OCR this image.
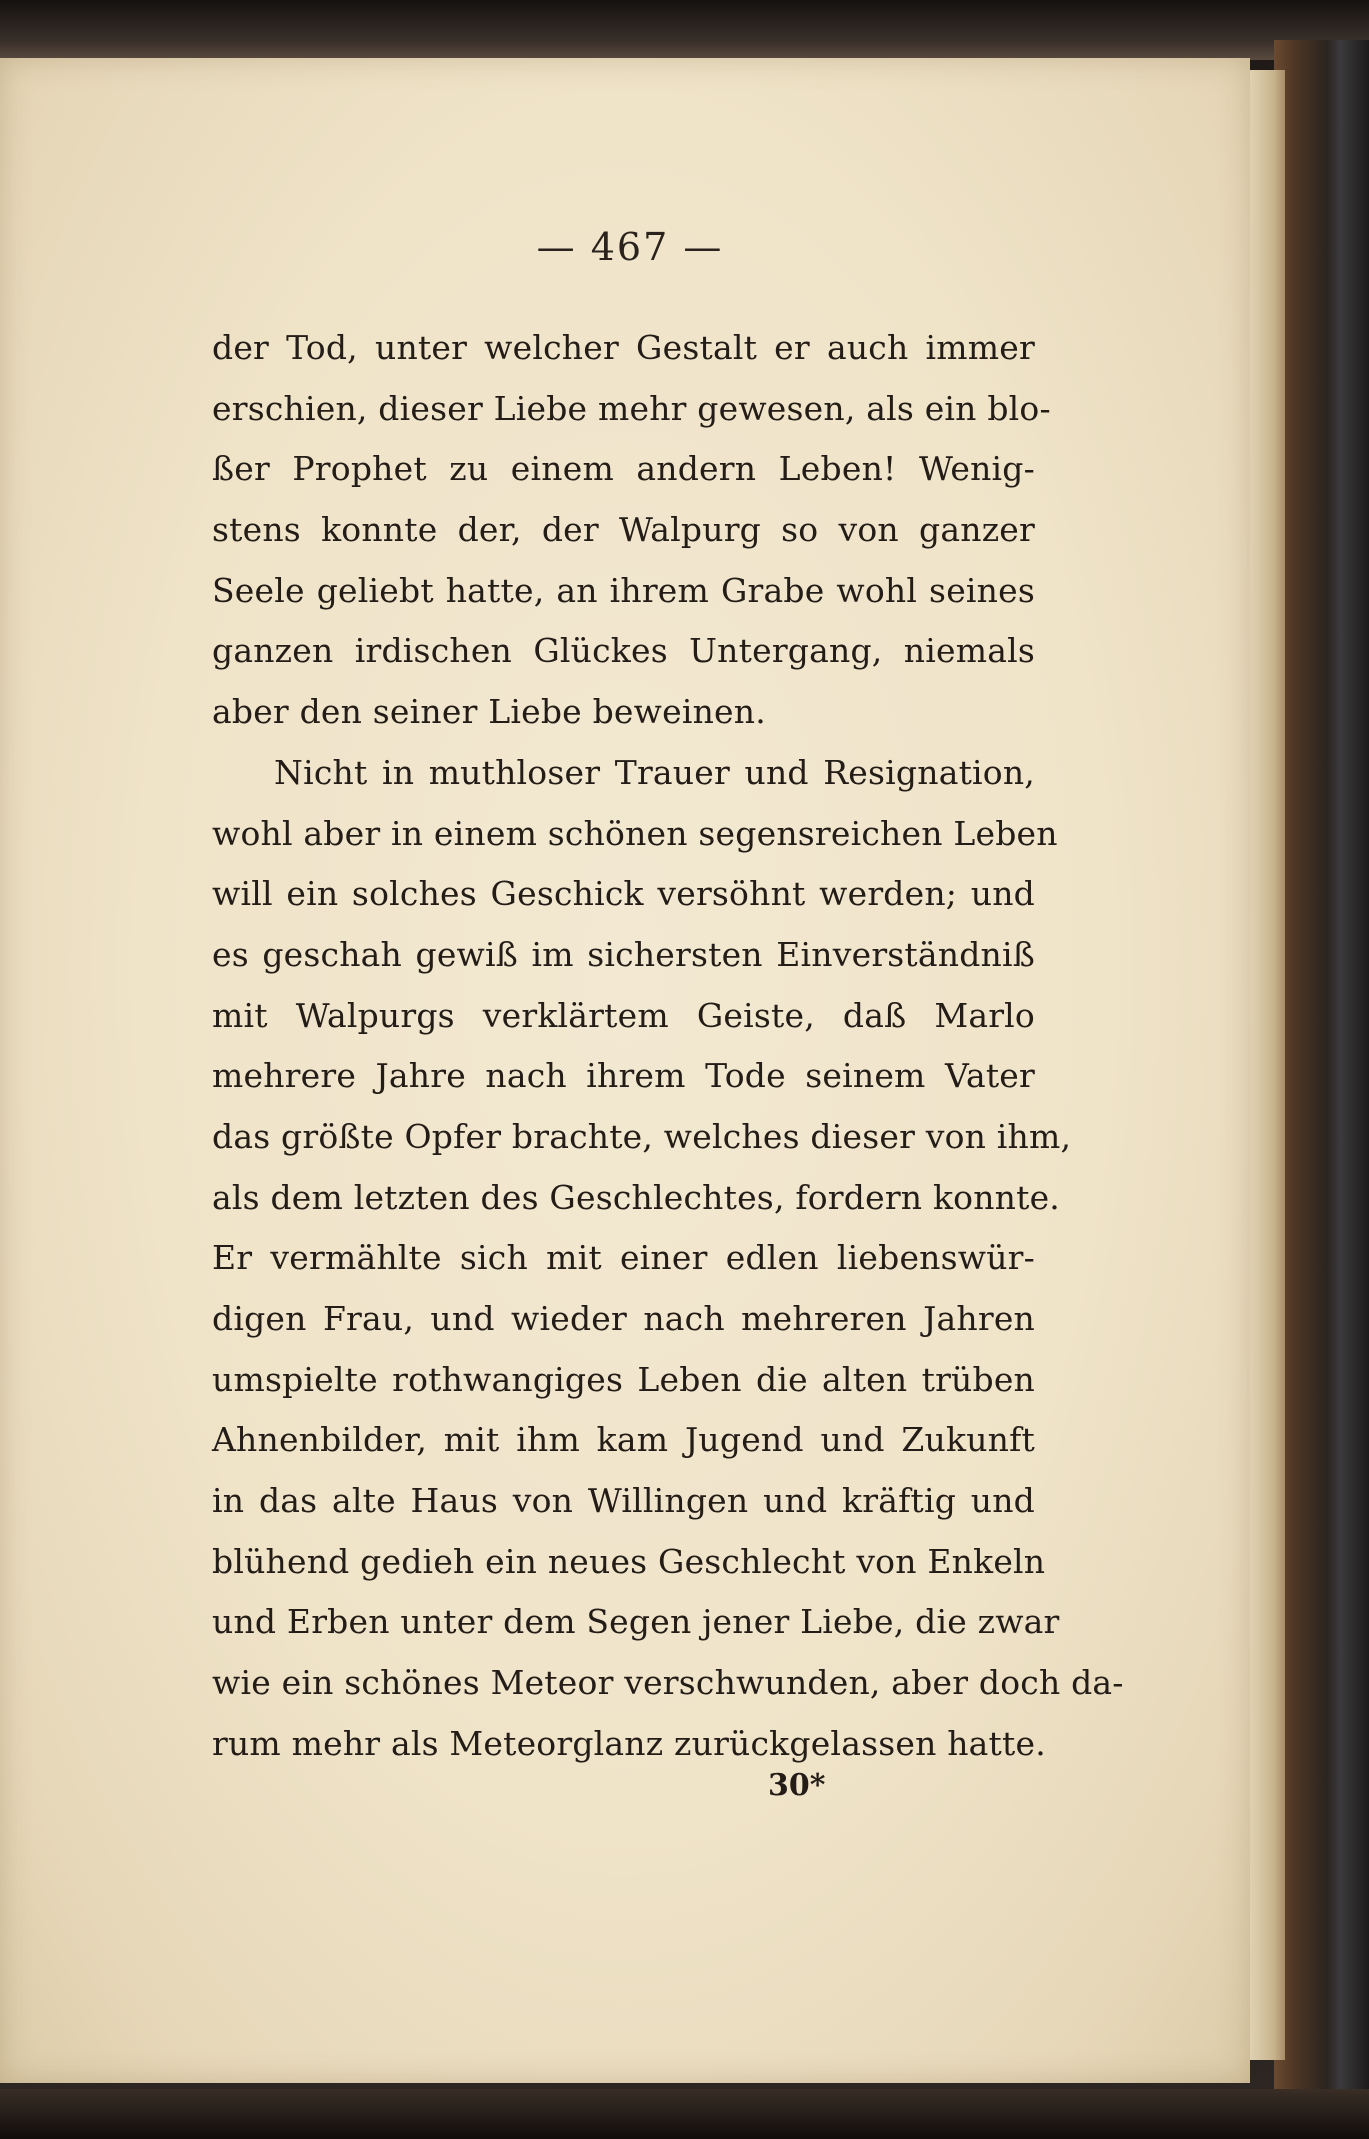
— 467 —
der Tod, unter welcher Gestalt er auch immer
erschien, dieser Liebe mehr gewesen, als ein blo-
ßer Prophet zu einem andern Leben! Wenig-
stens konnte der, der Walpurg so von ganzer
Seele geliebt hatte, an ihrem Grabe wohl seines
ganzen irdischen Glückes Untergang, niemals
aber den seiner Liebe beweinen.
Nicht in muthloser Trauer und Resignation,
wohl aber in einem schönen segensreichen Leben
will ein solches Geschick versöhnt werden; und
es geschah gewiß im sichersten Einverständniß
mit Walpurgs verklärtem Geiste, daß Marlo
mehrere Jahre nach ihrem Tode seinem Vater
das größte Opfer brachte, welches dieser von ihm,
als dem letzten des Geschlechtes, fordern konnte.
Er vermählte sich mit einer edlen liebenswür-
digen Frau, und wieder nach mehreren Jahren
umspielte rothwangiges Leben die alten trüben
Ahnenbilder, mit ihm kam Jugend und Zukunft
in das alte Haus von Willingen und kräftig und
blühend gedieh ein neues Geschlecht von Enkeln
und Erben unter dem Segen jener Liebe, die zwar
wie ein schönes Meteor verschwunden, aber doch da-
rum mehr als Meteorglanz zurückgelassen hatte.
30*
